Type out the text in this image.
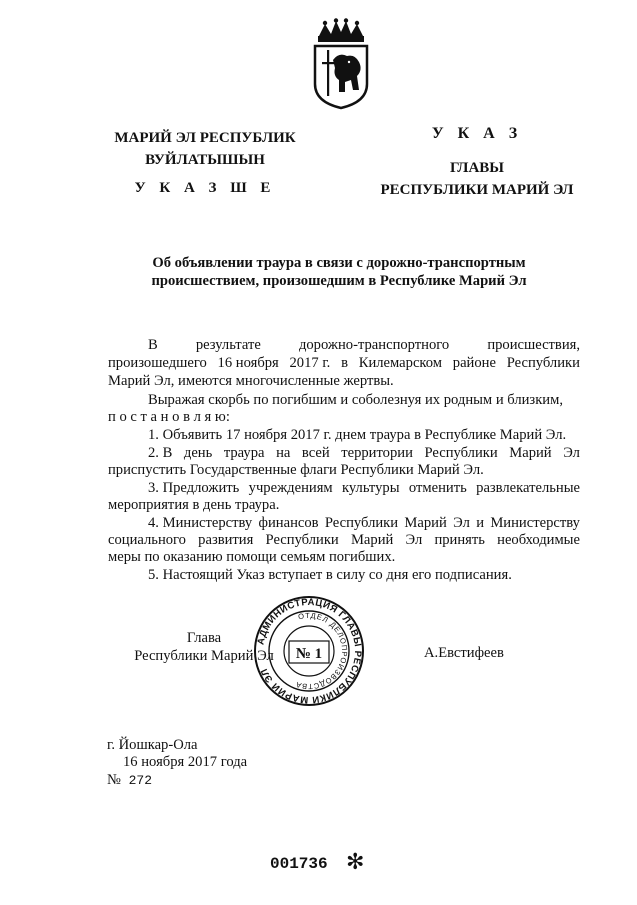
МАРИЙ ЭЛ РЕСПУБЛИК
ВУЙЛАТЫШЫН
У К А З Ш Е
У К А З
ГЛАВЫ
РЕСПУБЛИКИ МАРИЙ ЭЛ
Об объявлении траура в связи с дорожно-транспортным
происшествием, произошедшим в Республике Марий Эл
В	результате	дорожно-транспортного	происшествия,
произошедшего 16 ноября 2017 г. в Килемарском районе Республики
Марий Эл, имеются многочисленные жертвы.
Выражая скорбь по погибшим и соболезнуя их родным и близким,
п о с т а н о в л я ю:
1. Объявить 17 ноября 2017 г. днем траура в Республике Марий Эл.
2. В день траура на всей территории Республики Марий Эл
приспустить Государственные флаги Республики Марий Эл.
3. Предложить учреждениям культуры отменить развлекательные
мероприятия в день траура.
4. Министерству финансов Республики Марий Эл и Министерству
социального развития Республики Марий Эл принять необходимые
меры по оказанию помощи семьям погибших.
5. Настоящий Указ вступает в силу со дня его подписания.
Глава
Республики Марий Эл	А.Евстифеев
АДМИНИСТРАЦИЯ ГЛАВЫ РЕСПУБЛИКИ МАРИЙ ЭЛ
ОТДЕЛ ДЕЛОПРОИЗВОДСТВА
№ 1
г. Йошкар-Ола
16 ноября 2017 года
№ 272
001736 ✻
